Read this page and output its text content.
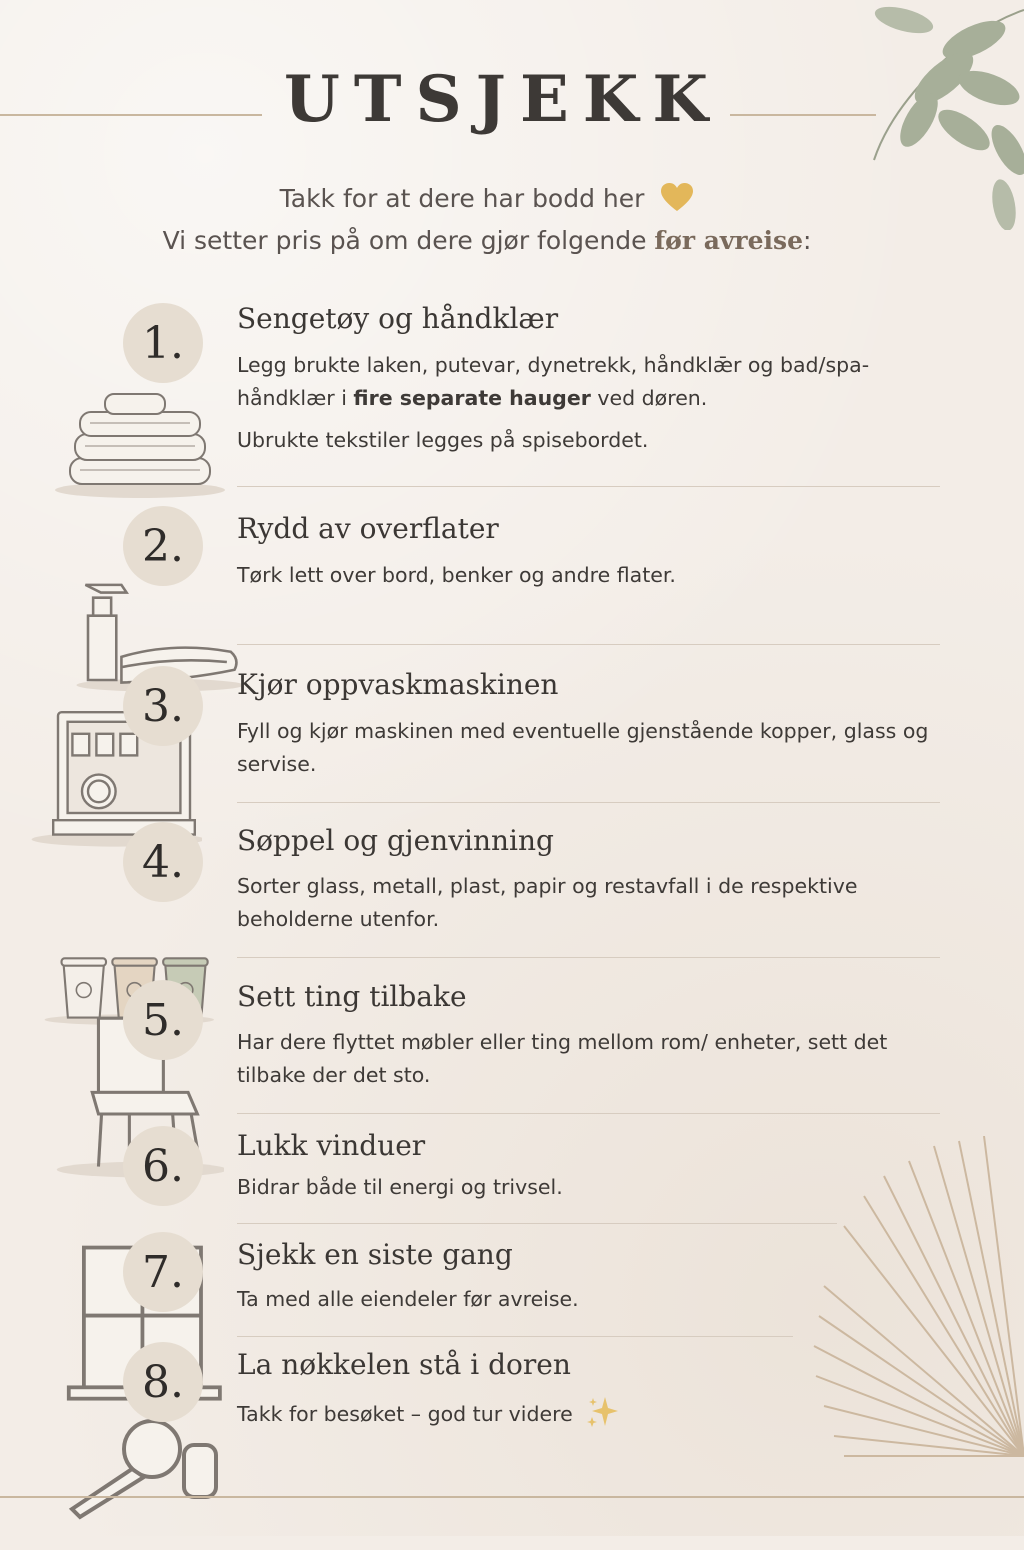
UTSJEKK
Takk for at dere har bodd her
Vi setter pris på om dere gjør folgende før avreise:
1.	Sengetøy og håndklær

Legg brukte laken, putevar, dynetrekk, håndklǣr og bad/spa-håndklær i fire separate hauger ved døren.

Ubrukte tekstiler legges på spisebordet.

2.	Rydd av overflater
Tørk lett over bord, benker og andre flater.
3.	Kjør oppvaskmaskinen
Fyll og kjør maskinen med eventuelle gjenstående kopper, glass og servise.
4.	Søppel og gjenvinning
Sorter glass, metall, plast, papir og restavfall i de respektive beholderne utenfor.
5.	Sett ting tilbake
Har dere flyttet møbler eller ting mellom rom/ enheter, sett det tilbake der det sto.
6.	Lukk vinduer
Bidrar både til energi og trivsel.
7.	Sjekk en siste gang
Ta med alle eiendeler før avreise.
8.	La nøkkelen stå i doren
Takk for besøket – god tur videre
